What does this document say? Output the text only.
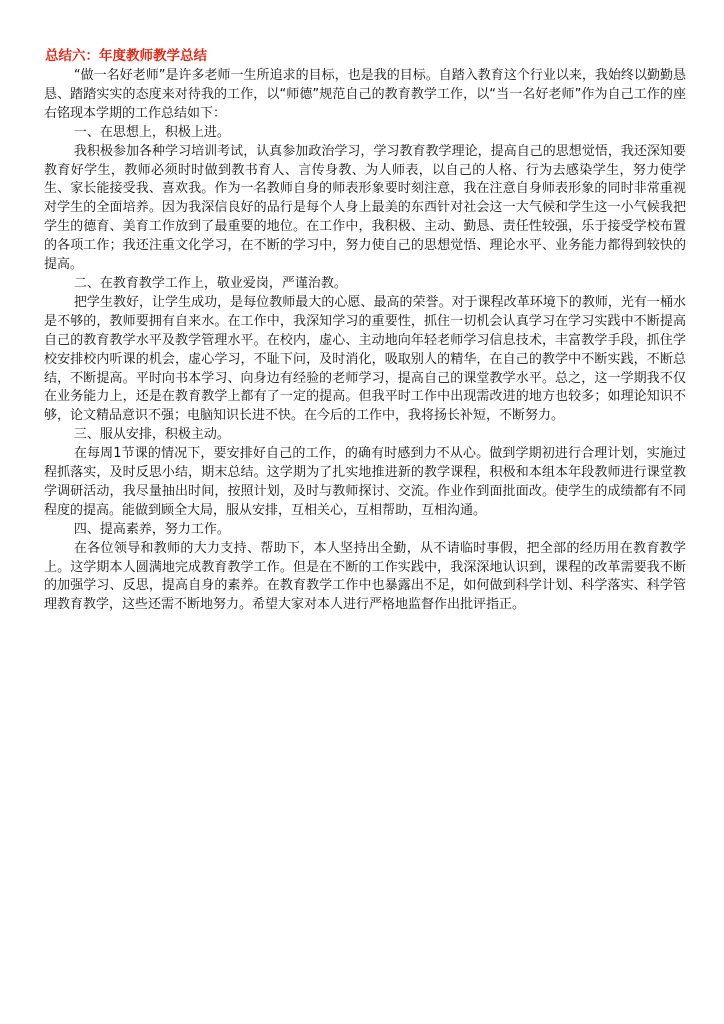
总结六：年度教师教学总结

“做一名好老师”是许多老师一生所追求的目标，也是我的目标。自踏入教育这个行业以来，我始终以勤勤恳恳、踏踏实实的态度来对待我的工作，以“师德”规范自己的教育教学工作，以“当一名好老师”作为自己工作的座右铭现本学期的工作总结如下：

一、在思想上，积极上进。

我积极参加各种学习培训考试，认真参加政治学习，学习教育教学理论，提高自己的思想觉悟，我还深知要教育好学生，教师必须时时做到教书育人、言传身教、为人师表，以自己的人格、行为去感染学生，努力使学生、家长能接受我、喜欢我。作为一名教师自身的师表形象要时刻注意，我在注意自身师表形象的同时非常重视对学生的全面培养。因为我深信良好的品行是每个人身上最美的东西针对社会这一大气候和学生这一小气候我把学生的德育、美育工作放到了最重要的地位。在工作中，我积极、主动、勤恳、责任性较强，乐于接受学校布置的各项工作；我还注重文化学习，在不断的学习中，努力使自己的思想觉悟、理论水平、业务能力都得到较快的提高。

二、在教育教学工作上，敬业爱岗，严谨治教。

把学生教好，让学生成功，是每位教师最大的心愿、最高的荣誉。对于课程改革环境下的教师，光有一桶水是不够的，教师要拥有自来水。在工作中，我深知学习的重要性，抓住一切机会认真学习在学习实践中不断提高自己的教育教学水平及教学管理水平。在校内，虚心、主动地向年轻老师学习信息技术，丰富教学手段，抓住学校安排校内听课的机会，虚心学习，不耻下问，及时消化，吸取别人的精华，在自己的教学中不断实践，不断总结，不断提高。平时向书本学习、向身边有经验的老师学习，提高自己的课堂教学水平。总之，这一学期我不仅在业务能力上，还是在教育教学上都有了一定的提高。但我平时工作中出现需改进的地方也较多；如理论知识不够，论文精品意识不强；电脑知识长进不快。在今后的工作中，我将扬长补短，不断努力。

三、服从安排，积极主动。

在每周1节课的情况下，要安排好自己的工作，的确有时感到力不从心。做到学期初进行合理计划，实施过程抓落实，及时反思小结，期末总结。这学期为了扎实地推进新的教学课程，积极和本组本年段教师进行课堂教学调研活动，我尽量抽出时间，按照计划，及时与教师探讨、交流。作业作到面批面改。使学生的成绩都有不同程度的提高。能做到顾全大局，服从安排，互相关心，互相帮助，互相沟通。

四、提高素养，努力工作。

在各位领导和教师的大力支持、帮助下，本人坚持出全勤，从不请临时事假，把全部的经历用在教育教学上。这学期本人圆满地完成教育教学工作。但是在不断的工作实践中，我深深地认识到，课程的改革需要我不断的加强学习、反思，提高自身的素养。在教育教学工作中也暴露出不足，如何做到科学计划、科学落实、科学管理教育教学，这些还需不断地努力。希望大家对本人进行严格地监督作出批评指正。
